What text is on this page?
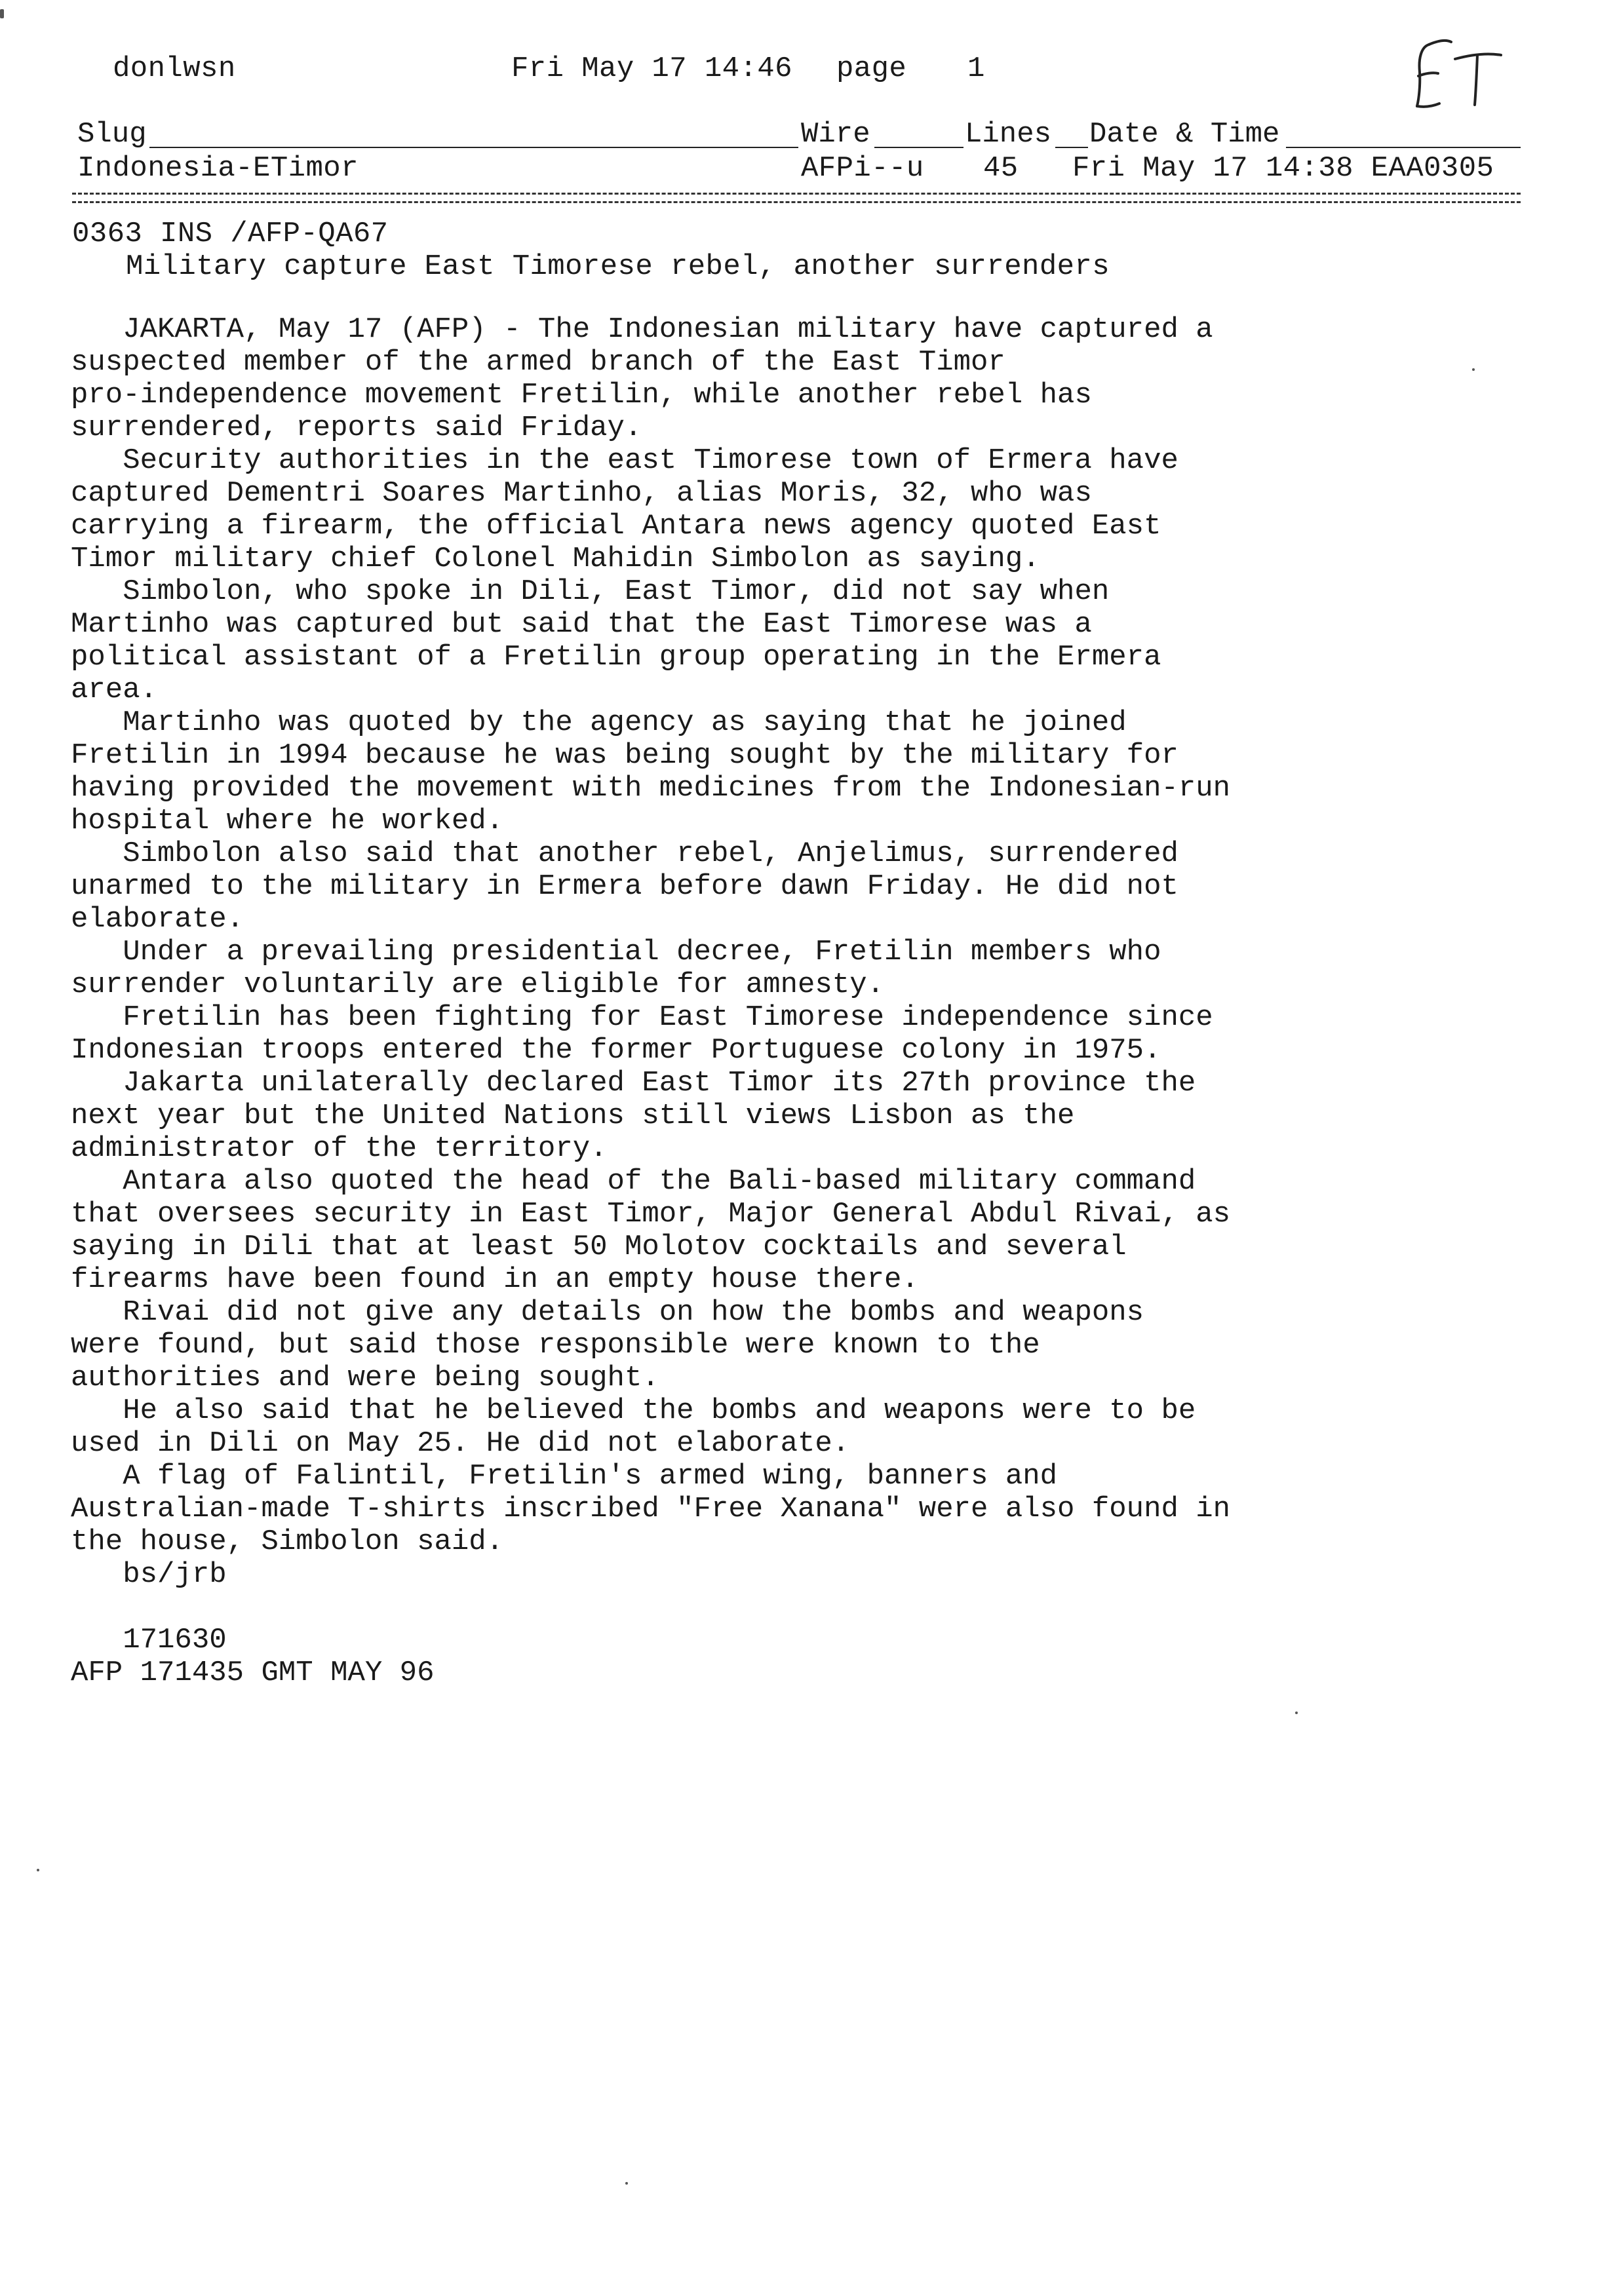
donlwsn	Fri May 17 14:46 page 1
Slug	Wire	Lines Date & Time
Indonesia-ETimor	AFPi--u 45 Fri May 17 14:38 EAA0305
0363 INS /AFP-QA67
Military capture East Timorese rebel, another surrenders

JAKARTA, May 17 (AFP) - The Indonesian military have captured a
suspected member of the armed branch of the East Timor
pro-independence movement Fretilin, while another rebel has
surrendered, reports said Friday.

Security authorities in the east Timorese town of Ermera have
captured Dementri Soares Martinho, alias Moris, 32, who was
carrying a firearm, the official Antara news agency quoted East
Timor military chief Colonel Mahidin Simbolon as saying.

Simbolon, who spoke in Dili, East Timor, did not say when
Martinho was captured but said that the East Timorese was a
political assistant of a Fretilin group operating in the Ermera
area.

Martinho was quoted by the agency as saying that he joined
Fretilin in 1994 because he was being sought by the military for
having provided the movement with medicines from the Indonesian-run
hospital where he worked.

Simbolon also said that another rebel, Anjelimus, surrendered
unarmed to the military in Ermera before dawn Friday. He did not
elaborate.

Under a prevailing presidential decree, Fretilin members who
surrender voluntarily are eligible for amnesty.

Fretilin has been fighting for East Timorese independence since
Indonesian troops entered the former Portuguese colony in 1975.

Jakarta unilaterally declared East Timor its 27th province the
next year but the United Nations still views Lisbon as the
administrator of the territory.

Antara also quoted the head of the Bali-based military command
that oversees security in East Timor, Major General Abdul Rivai, as
saying in Dili that at least 50 Molotov cocktails and several
firearms have been found in an empty house there.

Rivai did not give any details on how the bombs and weapons
were found, but said those responsible were known to the
authorities and were being sought.

He also said that he believed the bombs and weapons were to be
used in Dili on May 25. He did not elaborate.

A flag of Falintil, Fretilin's armed wing, banners and
Australian-made T-shirts inscribed "Free Xanana" were also found in
the house, Simbolon said.

bs/jrb

171630

AFP 171435 GMT MAY 96
